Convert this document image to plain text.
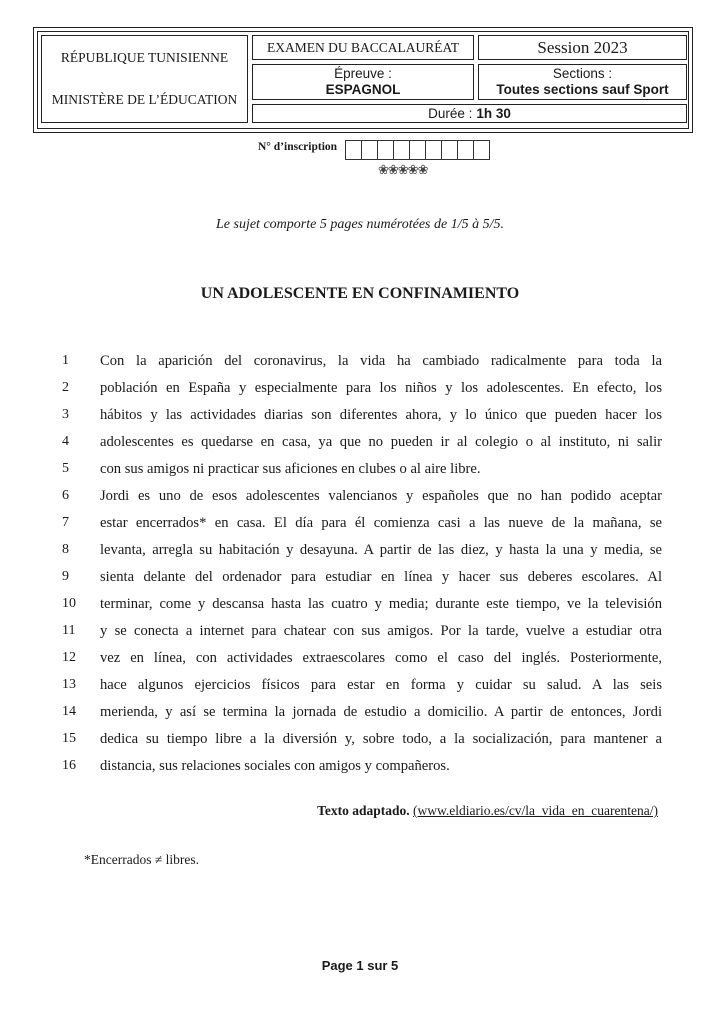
RÉPUBLIQUE TUNISIENNE
MINISTÈRE DE L’ÉDUCATION
EXAMEN DU BACCALAURÉAT	Session 2023
Épreuve :
ESPAGNOL
Sections :
Toutes sections sauf Sport
Durée : 1h 30
N° d’inscription
❀❀❀❀❀
Le sujet comporte 5 pages numérotées de 1/5 à 5/5.
UN ADOLESCENTE EN CONFINAMIENTO
1	Con la aparición del coronavirus, la vida ha cambiado radicalmente para toda la
2	población en España y especialmente para los niños y los adolescentes. En efecto, los
3	hábitos y las actividades diarias son diferentes ahora, y lo único que pueden hacer los
4	adolescentes es quedarse en casa, ya que no pueden ir al colegio o al instituto, ni salir
5	con sus amigos ni practicar sus aficiones en clubes o al aire libre.
6	Jordi es uno de esos adolescentes valencianos y españoles que no han podido aceptar
7	estar encerrados* en casa. El día para él comienza casi a las nueve de la mañana, se
8	levanta, arregla su habitación y desayuna. A partir de las diez, y hasta la una y media, se
9	sienta delante del ordenador para estudiar en línea y hacer sus deberes escolares. Al
10	terminar, come y descansa hasta las cuatro y media; durante este tiempo, ve la televisión
11	y se conecta a internet para chatear con sus amigos. Por la tarde, vuelve a estudiar otra
12	vez en línea, con actividades extraescolares como el caso del inglés. Posteriormente,
13	hace algunos ejercicios físicos para estar en forma y cuidar su salud. A las seis
14	merienda, y así se termina la jornada de estudio a domicilio. A partir de entonces, Jordi
15	dedica su tiempo libre a la diversión y, sobre todo, a la socialización, para mantener a
16	distancia, sus relaciones sociales con amigos y compañeros.
Texto adaptado. (www.eldiario.es/cv/la_vida_en_cuarentena/)
*Encerrados ≠ libres.
Page 1 sur 5
